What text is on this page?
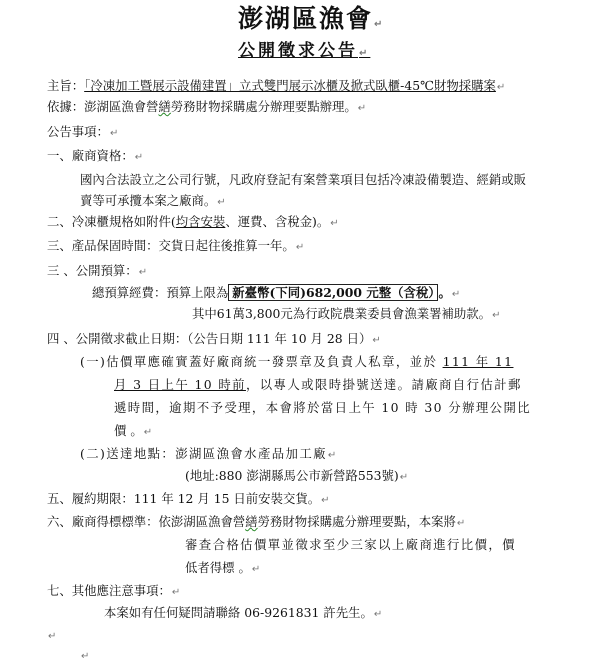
澎湖區漁會↵
公開徵求公告↵
主旨：「冷凍加工暨展示設備建置」立式雙門展示冰櫃及掀式臥櫃-45℃財物採購案↵
依據：澎湖區漁會營繕勞務財物採購處分辦理要點辦理。↵
公告事項：↵
一、廠商資格：↵
國內合法設立之公司行號，凡政府登記有案營業項目包括冷凍設備製造、經銷或販
賣等可承攬本案之廠商。↵
二、冷凍櫃規格如附件(均含安裝、運費、含稅金)。↵
三、產品保固時間：交貨日起往後推算一年。↵
三 、公開預算：↵
總預算經費：預算上限為 新臺幣(下同)682,000 元整（含稅） 。↵
其中61萬3,800元為行政院農業委員會漁業署補助款。↵
四 、公開徵求截止日期：（公告日期 111 年 10 月 28 日）↵
(一)估價單應確實蓋好廠商統一發票章及負責人私章，並於 111 年 11
月 3 日上午 10 時前，以專人或限時掛號送達。請廠商自行估計郵
遞時間，逾期不予受理，本會將於當日上午 10 時 30 分辦理公開比
價 。↵
(二)送達地點：澎湖區漁會水產品加工廠↵
(地址:880 澎湖縣馬公市新營路553號)↵
五、履約期限：111 年 12 月 15 日前安裝交貨。↵
六、廠商得標標準：依澎湖區漁會營繕勞務財物採購處分辦理要點，本案將↵
審查合格估價單並徵求至少三家以上廠商進行比價，價
低者得標 。↵
七、其他應注意事項：↵
本案如有任何疑問請聯絡 06-9261831 許先生。↵
↵
↵
